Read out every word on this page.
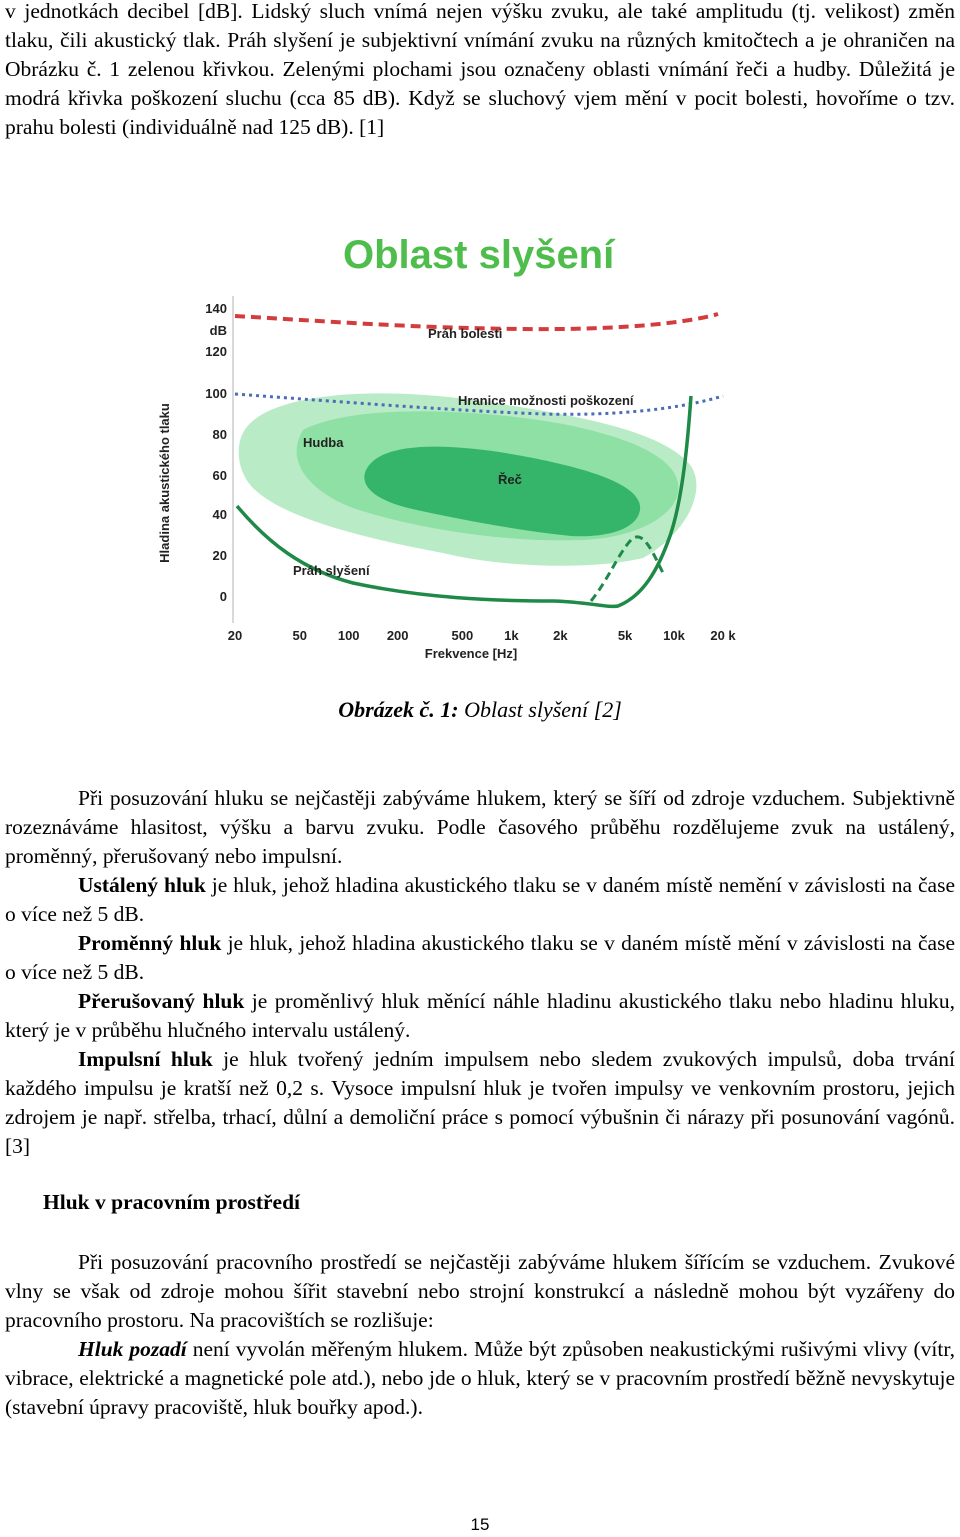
v jednotkách decibel [dB]. Lidský sluch vnímá nejen výšku zvuku, ale také amplitudu (tj. velikost) změn tlaku, čili akustický tlak. Práh slyšení je subjektivní vnímání zvuku na různých kmitočtech a je ohraničen na Obrázku č. 1 zelenou křivkou. Zelenými plochami jsou označeny oblasti vnímání řeči a hudby. Důležitá je modrá křivka poškození sluchu (cca 85 dB). Když se sluchový vjem mění v pocit bolesti, hovoříme o tzv. prahu bolesti (individuálně nad 125 dB). [1]

Oblast slyšení
140
dB
120
100
80
60
40
20
0
20	50 100 200	500 1k	2k	5k 10k 20 k
Hladina akustického tlaku
Frekvence [Hz]
Práh bolesti
Hranice možnosti poškození
Hudba
Řeč
Práh slyšení
Obrázek č. 1: Oblast slyšení [2]

Při posuzování hluku se nejčastěji zabýváme hlukem, který se šíří od zdroje vzduchem. Subjektivně rozeznáváme hlasitost, výšku a barvu zvuku. Podle časového průběhu rozdělujeme zvuk na ustálený, proměnný, přerušovaný nebo impulsní.

Ustálený hluk je hluk, jehož hladina akustického tlaku se v daném místě nemění v závislosti na čase o více než 5 dB.

Proměnný hluk je hluk, jehož hladina akustického tlaku se v daném místě mění v závislosti na čase o více než 5 dB.

Přerušovaný hluk je proměnlivý hluk měnící náhle hladinu akustického tlaku nebo hladinu hluku, který je v průběhu hlučného intervalu ustálený.

Impulsní hluk je hluk tvořený jedním impulsem nebo sledem zvukových impulsů, doba trvání každého impulsu je kratší než 0,2 s. Vysoce impulsní hluk je tvořen impulsy ve venkovním prostoru, jejich zdrojem je např. střelba, trhací, důlní a demoliční práce s pomocí výbušnin či nárazy při posunování vagónů. [3]

Hluk v pracovním prostředí

Při posuzování pracovního prostředí se nejčastěji zabýváme hlukem šířícím se vzduchem. Zvukové vlny se však od zdroje mohou šířit stavební nebo strojní konstrukcí a následně mohou být vyzářeny do pracovního prostoru. Na pracovištích se rozlišuje:

Hluk pozadí není vyvolán měřeným hlukem. Může být způsoben neakustickými rušivými vlivy (vítr, vibrace, elektrické a magnetické pole atd.), nebo jde o hluk, který se v pracovním prostředí běžně nevyskytuje (stavební úpravy pracoviště, hluk bouřky apod.).

15
